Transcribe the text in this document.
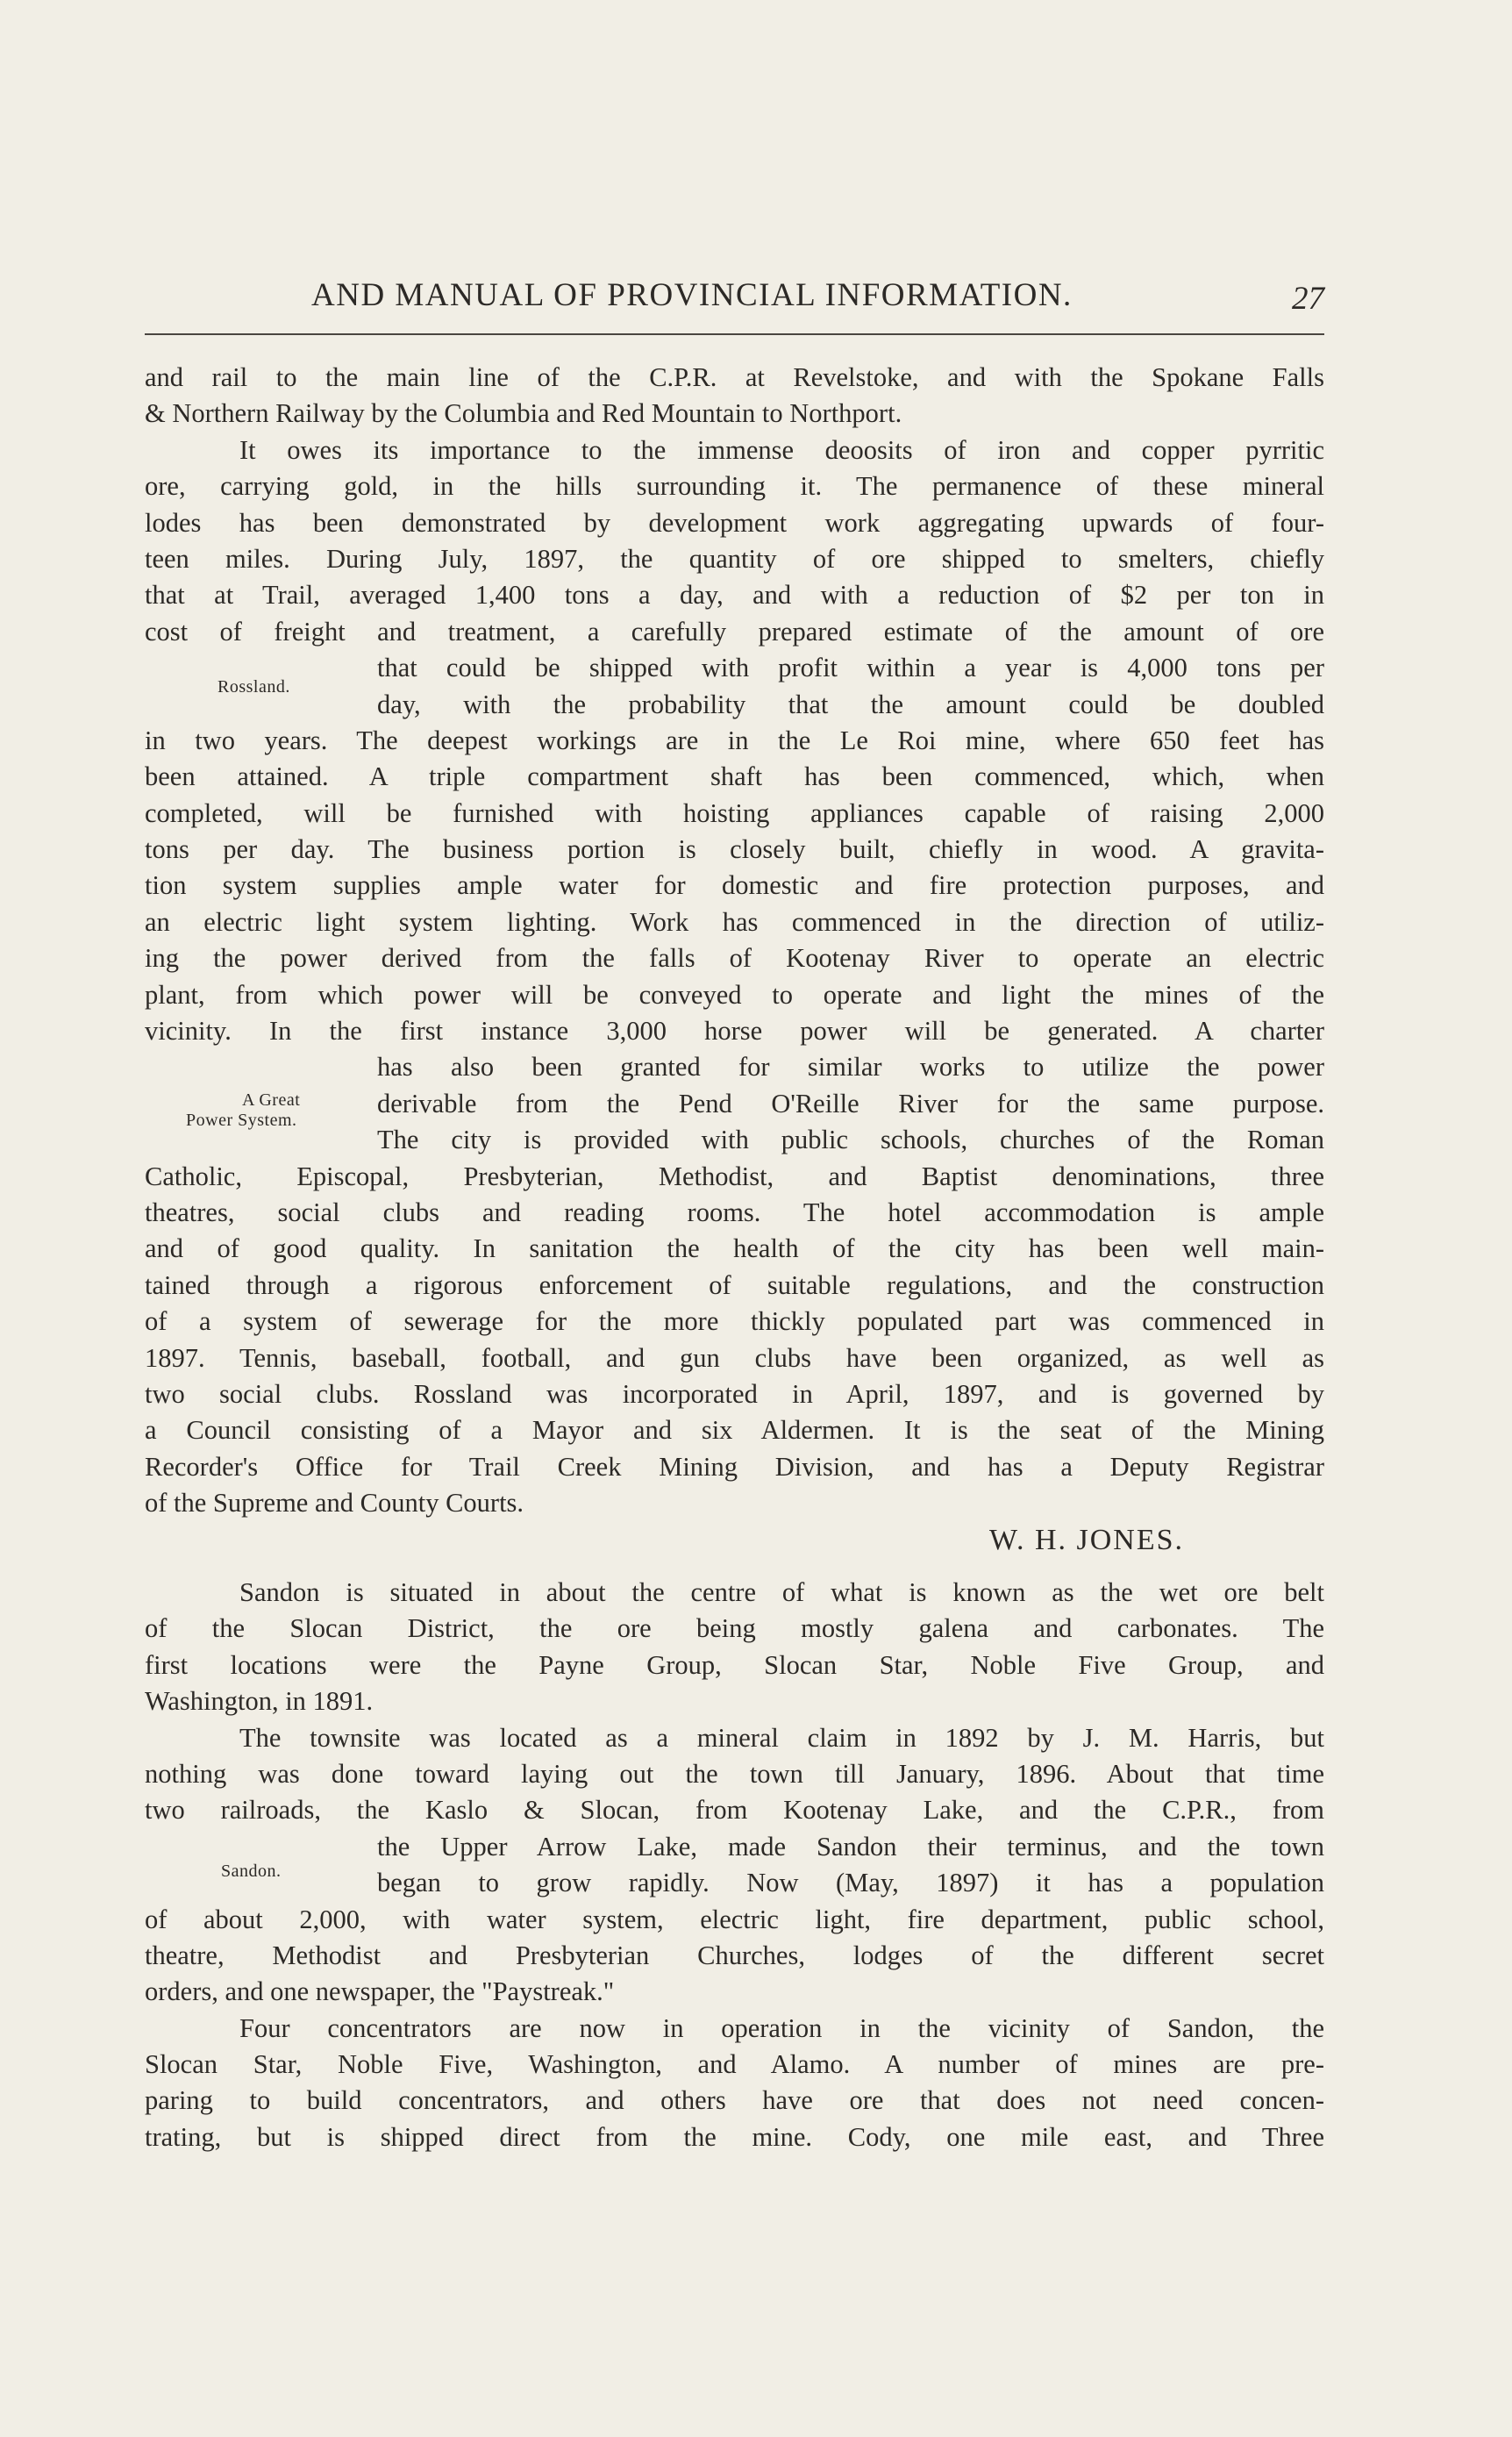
AND MANUAL OF PROVINCIAL INFORMATION.	27
and rail to the main line of the C.P.R. at Revelstoke, and with the Spokane Falls
& Northern Railway by the Columbia and Red Mountain to Northport.
It owes its importance to the immense deoosits of iron and copper pyrritic
ore, carrying gold, in the hills surrounding it. The permanence of these mineral
lodes has been demonstrated by development work aggregating upwards of four-
teen miles. During July, 1897, the quantity of ore shipped to smelters, chiefly
that at Trail, averaged 1,400 tons a day, and with a reduction of $2 per ton in
cost of freight and treatment, a carefully prepared estimate of the amount of ore
that could be shipped with profit within a year is 4,000 tons per
day, with the probability that the amount could be doubled
in two years. The deepest workings are in the Le Roi mine, where 650 feet has
been attained. A triple compartment shaft has been commenced, which, when
completed, will be furnished with hoisting appliances capable of raising 2,000
tons per day. The business portion is closely built, chiefly in wood. A gravita-
tion system supplies ample water for domestic and fire protection purposes, and
an electric light system lighting. Work has commenced in the direction of utiliz-
ing the power derived from the falls of Kootenay River to operate an electric
plant, from which power will be conveyed to operate and light the mines of the
vicinity. In the first instance 3,000 horse power will be generated. A charter
has also been granted for similar works to utilize the power
derivable from the Pend O'Reille River for the same purpose.
The city is provided with public schools, churches of the Roman
Catholic, Episcopal, Presbyterian, Methodist, and Baptist denominations, three
theatres, social clubs and reading rooms. The hotel accommodation is ample
and of good quality. In sanitation the health of the city has been well main-
tained through a rigorous enforcement of suitable regulations, and the construction
of a system of sewerage for the more thickly populated part was commenced in
1897. Tennis, baseball, football, and gun clubs have been organized, as well as
two social clubs. Rossland was incorporated in April, 1897, and is governed by
a Council consisting of a Mayor and six Aldermen. It is the seat of the Mining
Recorder's Office for Trail Creek Mining Division, and has a Deputy Registrar
of the Supreme and County Courts.
Rossland.
A Great
Power System.
W. H. JONES.
Sandon is situated in about the centre of what is known as the wet ore belt
of the Slocan District, the ore being mostly galena and carbonates. The
first locations were the Payne Group, Slocan Star, Noble Five Group, and
Washington, in 1891.
The townsite was located as a mineral claim in 1892 by J. M. Harris, but
nothing was done toward laying out the town till January, 1896. About that time
two railroads, the Kaslo & Slocan, from Kootenay Lake, and the C.P.R., from
the Upper Arrow Lake, made Sandon their terminus, and the town
began to grow rapidly. Now (May, 1897) it has a population
of about 2,000, with water system, electric light, fire department, public school,
theatre, Methodist and Presbyterian Churches, lodges of the different secret
orders, and one newspaper, the "Paystreak."
Four concentrators are now in operation in the vicinity of Sandon, the
Slocan Star, Noble Five, Washington, and Alamo. A number of mines are pre-
paring to build concentrators, and others have ore that does not need concen-
trating, but is shipped direct from the mine. Cody, one mile east, and Three
Sandon.
